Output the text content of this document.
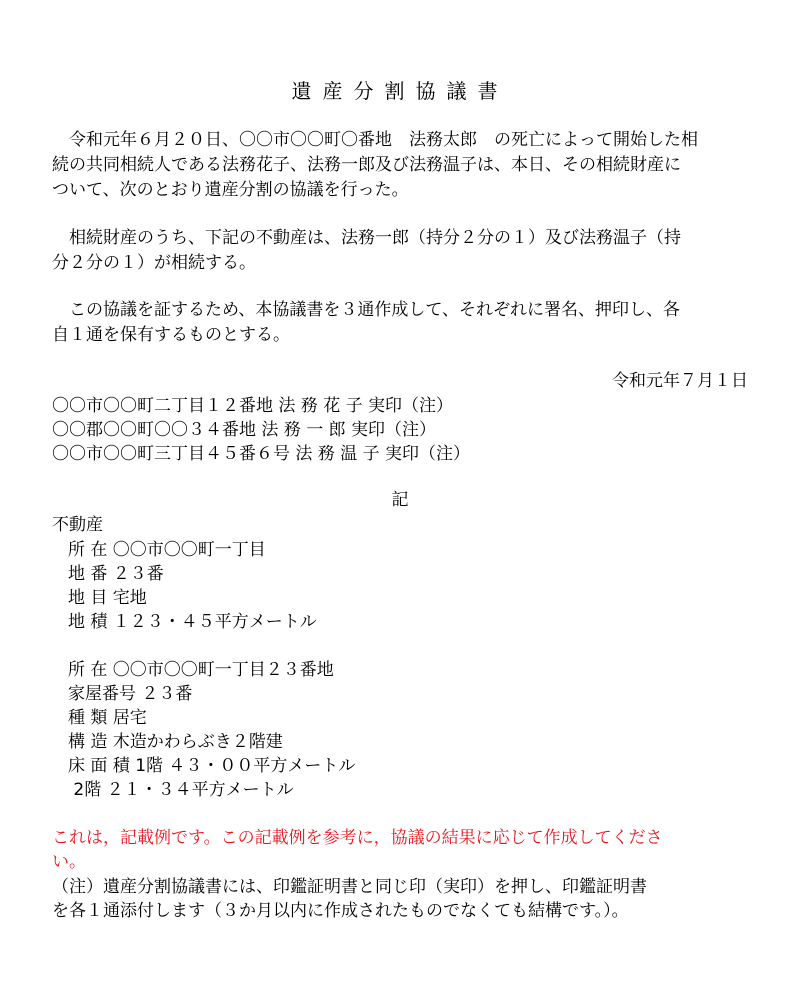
遺産分割協議書
　令和元年６月２０日、〇〇市〇〇町〇番地　法務太郎　の死亡によって開始した相
続の共同相続人である法務花子、法務一郎及び法務温子は、本日、その相続財産に
ついて、次のとおり遺産分割の協議を行った。
　相続財産のうち、下記の不動産は、法務一郎（持分２分の１）及び法務温子（持
分２分の１）が相続する。
　この協議を証するため、本協議書を３通作成して、それぞれに署名、押印し、各
自１通を保有するものとする。
令和元年７月１日
〇〇市〇〇町二丁目１２番地 法 務 花 子 実印（注）
〇〇郡〇〇町〇〇３４番地 法 務 一 郎 実印（注）
〇〇市〇〇町三丁目４５番６号 法 務 温 子 実印（注）
記
不動産
所 在 〇〇市〇〇町一丁目
地 番 ２３番
地 目 宅地
地 積 １２３・４５平方メートル
所 在 〇〇市〇〇町一丁目２３番地
家屋番号 ２３番
種 類 居宅
構 造 木造かわらぶき２階建
床 面 積 1階 ４３・００平方メートル
2階 ２１・３４平方メートル
これは，記載例です。この記載例を参考に，協議の結果に応じて作成してくださ
い。
（注）遺産分割協議書には、印鑑証明書と同じ印（実印）を押し、印鑑証明書
を各１通添付します（３か月以内に作成されたものでなくても結構です。）。
